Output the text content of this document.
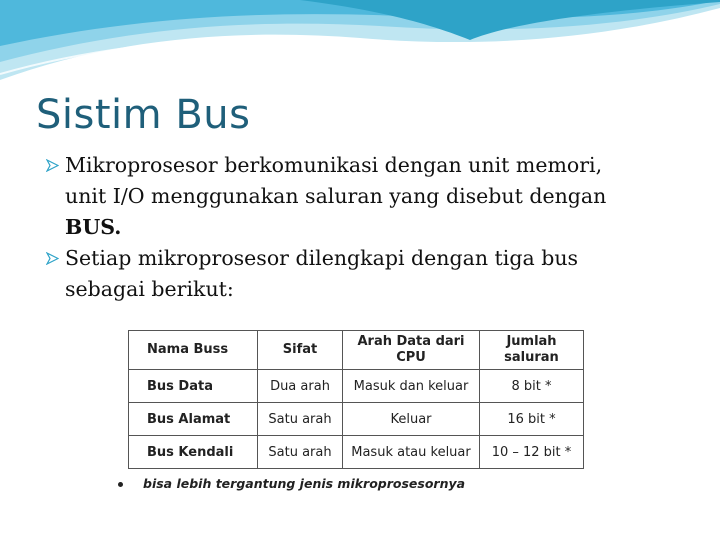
Sistim Bus
Mikroprosesor berkomunikasi dengan unit memori,
unit I/O menggunakan saluran yang disebut dengan
BUS.
Setiap mikroprosesor dilengkapi dengan tiga bus
sebagai berikut:
Nama Buss	Sifat	Arah Data dari CPU	Jumlah saluran
Bus Data	Dua arah	Masuk dan keluar	8 bit *
Bus Alamat	Satu arah	Keluar	16 bit *
Bus Kendali	Satu arah	Masuk atau keluar	10 – 12 bit *
bisa lebih tergantung jenis mikroprosesornya
